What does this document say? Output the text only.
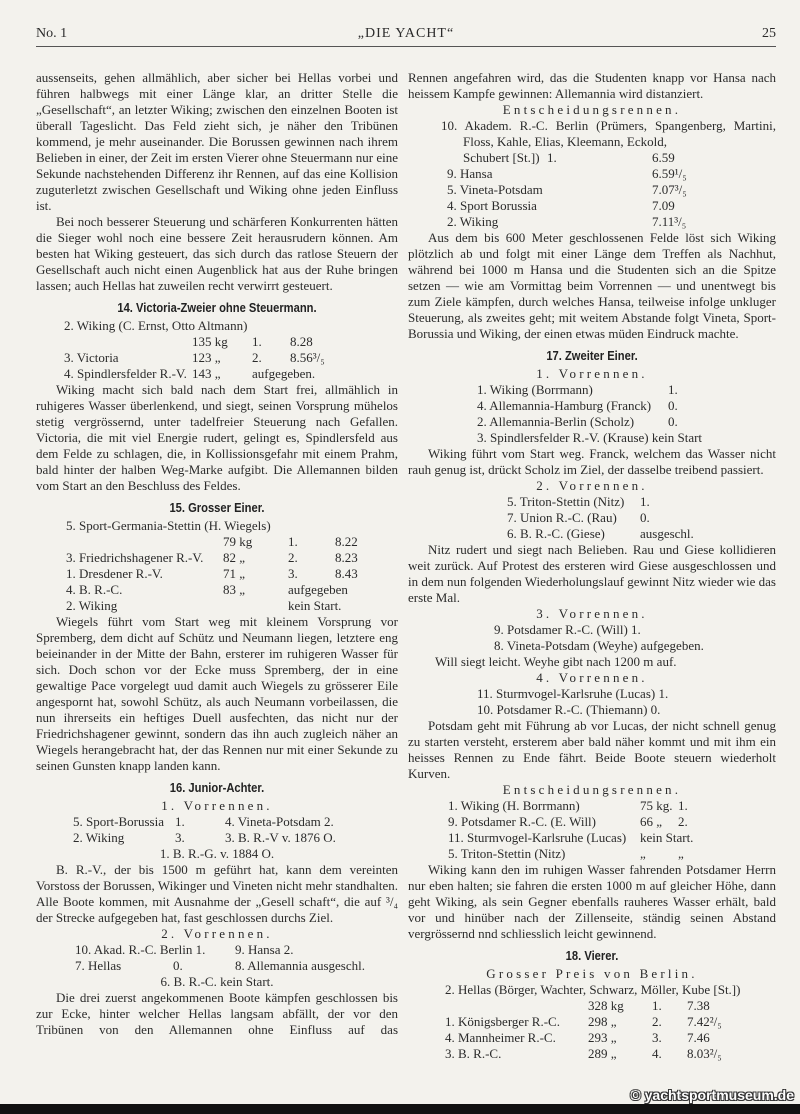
No. 1	„DIE YACHT“	25

aussenseits, gehen allmählich, aber sicher bei Hellas vorbei und führen halbwegs mit einer Länge klar, an dritter Stelle die „Gesellschaft“, an letzter Wiking; zwischen den einzelnen Booten ist überall Tageslicht. Das Feld zieht sich, je näher den Tribünen kommend, je mehr auseinander. Die Borussen gewinnen nach ihrem Belieben in einer, der Zeit im ersten Vierer ohne Steuermann nur eine Sekunde nachstehenden Differenz ihr Rennen, auf das eine Kollision zuguterletzt zwischen Gesellschaft und Wiking ohne jeden Einfluss ist.

Bei noch besserer Steuerung und schärferen Konkurrenten hätten die Sieger wohl noch eine bessere Zeit herausrudern können. Am besten hat Wiking gesteuert, das sich durch das ratlose Steuern der Gesellschaft auch nicht einen Augenblick hat aus der Ruhe bringen lassen; auch Hellas hat zuweilen recht verwirrt gesteuert.

14. Victoria-Zweier ohne Steuermann.

2. Wiking (C. Ernst, Otto Altmann)
135 kg 1. 8.28
3. Victoria	123 „ 2. 8.56³/₅
4. Spindlersfelder R.-V. 143 „ aufgegeben.

Wiking macht sich bald nach dem Start frei, allmählich in ruhigeres Wasser überlenkend, und siegt, seinen Vorsprung mühelos stetig vergrössernd, unter tadelfreier Steuerung nach Gefallen. Victoria, die mit viel Energie rudert, gelingt es, Spindlersfeld aus dem Felde zu schlagen, die, in Kollissionsgefahr mit einem Prahm, bald hinter der halben Weg-Marke aufgibt. Die Allemannen bilden vom Start an den Beschluss des Feldes.

15. Grosser Einer.

5. Sport-Germania-Stettin (H. Wiegels)
79 kg	1.	8.22
3. Friedrichshagener R.-V. 82 „	2.	8.23
1. Dresdener R.-V.	71 „	3.	8.43
4. B. R.-C.	83 „	aufgegeben
2. Wiking	kein Start.

Wiegels führt vom Start weg mit kleinem Vorsprung vor Spremberg, dem dicht auf Schütz und Neumann liegen, letztere eng beieinander in der Mitte der Bahn, ersterer im ruhigeren Wasser für sich. Doch schon vor der Ecke muss Spremberg, der in eine gewaltige Pace vorgelegt uud damit auch Wiegels zu grösserer Eile angespornt hat, sowohl Schütz, als auch Neumann vorbeilassen, die nun ihrerseits ein heftiges Duell ausfechten, das nicht nur der Friedrichshagener gewinnt, sondern das ihn auch zugleich näher an Wiegels herangebracht hat, der das Rennen nur mit einer Sekunde zu seinen Gunsten knapp landen kann.

16. Junior-Achter.

1. Vorrennen.

5. Sport-Borussia 1.	4. Vineta-Potsdam 2.
2. Wiking	3.	3. B. R.-V v. 1876 O.

1. B. R.-G. v. 1884 O.

B. R.-V., der bis 1500 m geführt hat, kann dem vereinten Vorstoss der Borussen, Wikinger und Vineten nicht mehr standhalten. Alle Boote kommen, mit Ausnahme der „Gesell schaft“, die auf ³/₄ der Strecke aufgegeben hat, fast geschlossen durchs Ziel.

2. Vorrennen.

10. Akad. R.-C. Berlin 1. 9. Hansa 2.
7. Hellas	0.	8. Allemannia ausgeschl.

6. B. R.-C. kein Start.

Die drei zuerst angekommenen Boote kämpfen geschlossen bis zur Ecke, hinter welcher Hellas langsam abfällt, der vor den Tribünen von den Allemannen ohne Einfluss auf das

Rennen angefahren wird, das die Studenten knapp vor Hansa nach heissem Kampfe gewinnen: Allemannia wird distanziert.

Entscheidungsrennen.

10. Akadem. R.-C. Berlin (Prümers, Spangenberg, Martini, Floss, Kahle, Elias, Kleemann, Eckold,

Schubert [St.]) 1.	6.59
9. Hansa	6.59¹/₅
5. Vineta-Potsdam	7.07³/₅
4. Sport Borussia	7.09
2. Wiking	7.11³/₅

Aus dem bis 600 Meter geschlossenen Felde löst sich Wiking plötzlich ab und folgt mit einer Länge dem Treffen als Nachhut, während bei 1000 m Hansa und die Studenten sich an die Spitze setzen — wie am Vormittag beim Vorrennen — und unentwegt bis zum Ziele kämpfen, durch welches Hansa, teilweise infolge unkluger Steuerung, als zweites geht; mit weitem Abstande folgt Vineta, Sport-Borussia und Wiking, der einen etwas müden Eindruck machte.

17. Zweiter Einer.

1. Vorrennen.

1. Wiking (Borrmann)	1.
4. Allemannia-Hamburg (Franck) 0.
2. Allemannia-Berlin (Scholz)	0.
3. Spindlersfelder R.-V. (Krause) kein Start

Wiking führt vom Start weg. Franck, welchem das Wasser nicht rauh genug ist, drückt Scholz im Ziel, der dasselbe treibend passiert.

2. Vorrennen.

5. Triton-Stettin (Nitz) 1.
7. Union R.-C. (Rau) 0.
6. B. R.-C. (Giese)	ausgeschl.

Nitz rudert und siegt nach Belieben. Rau und Giese kollidieren weit zurück. Auf Protest des ersteren wird Giese ausgeschlossen und in dem nun folgenden Wiederholungslauf gewinnt Nitz wieder wie das erste Mal.

3. Vorrennen.

9. Potsdamer R.-C. (Will) 1.
8. Vineta-Potsdam (Weyhe) aufgegeben.
Will siegt leicht. Weyhe gibt nach 1200 m auf.

4. Vorrennen.

11. Sturmvogel-Karlsruhe (Lucas) 1.
10. Potsdamer R.-C. (Thiemann) 0.

Potsdam geht mit Führung ab vor Lucas, der nicht schnell genug zu starten versteht, ersterem aber bald näher kommt und mit ihm ein heisses Rennen zu Ende fährt. Beide Boote steuern wiederholt Kurven.

Entscheidungsrennen.

1. Wiking (H. Borrmann)	75 kg. 1.
9. Potsdamer R.-C. (E. Will)	66 „ 2.
11. Sturmvogel-Karlsruhe (Lucas) kein Start.
5. Triton-Stettin (Nitz)	„ „

Wiking kann den im ruhigen Wasser fahrenden Potsdamer Herrn nur eben halten; sie fahren die ersten 1000 m auf gleicher Höhe, dann geht Wiking, als sein Gegner ebenfalls rauheres Wasser erhält, bald vor und hinüber nach der Zillenseite, ständig seinen Abstand vergrössernd nnd schliesslich leicht gewinnend.

18. Vierer.

Grosser Preis von Berlin.

2. Hellas (Börger, Wachter, Schwarz, Möller, Kube [St.])
328 kg 1. 7.38
1. Königsberger R.-C. 298 „	2. 7.42²/₅
4. Mannheimer R.-C. 293 „	3. 7.46
3. B. R.-C.	289 „	4. 8.03²/₅
© yachtsportmuseum.de
